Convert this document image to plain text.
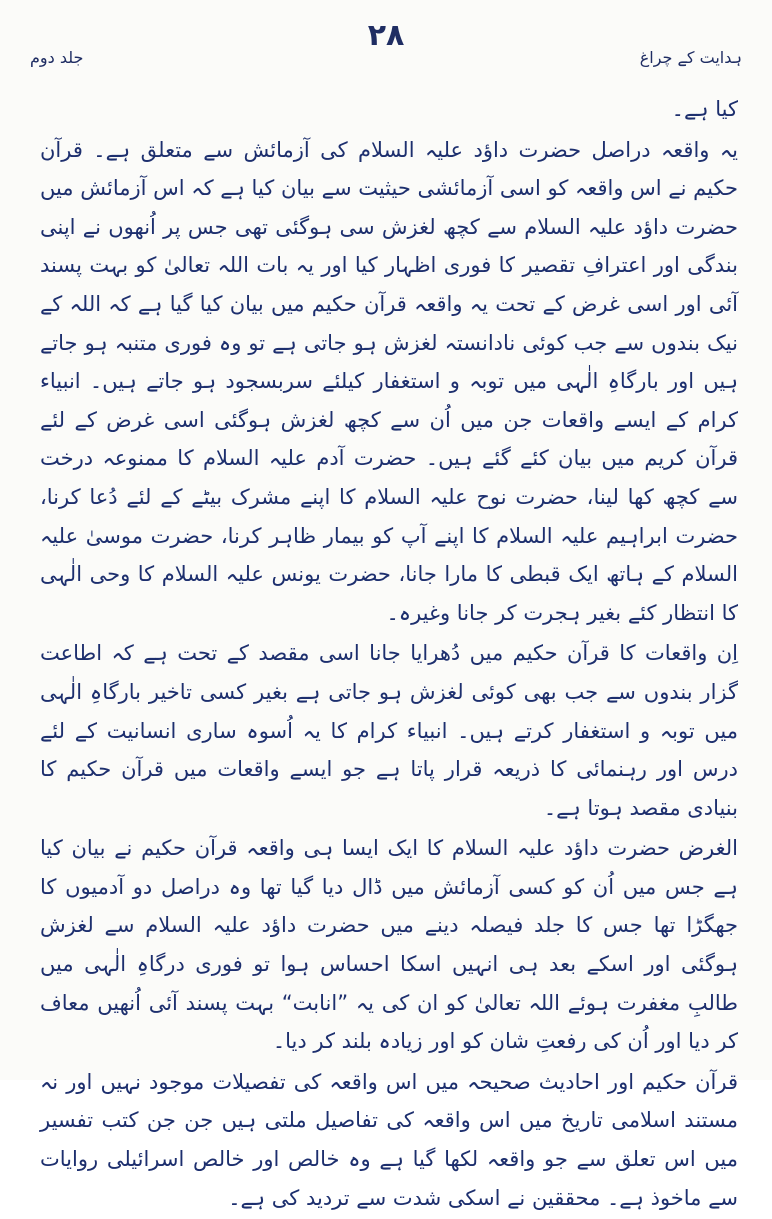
۲۸
جلد دوم	ہدایت کے چراغ

کیا ہے۔

یہ واقعہ دراصل حضرت داؤد علیہ السلام کی آزمائش سے متعلق ہے۔ قرآن حکیم نے اس واقعہ کو اسی آزمائشی حیثیت سے بیان کیا ہے کہ اس آزمائش میں حضرت داؤد علیہ السلام سے کچھ لغزش سی ہوگئی تھی جس پر اُنھوں نے اپنی بندگی اور اعترافِ تقصیر کا فوری اظہار کیا اور یہ بات اللہ تعالیٰ کو بہت پسند آئی اور اسی غرض کے تحت یہ واقعہ قرآن حکیم میں بیان کیا گیا ہے کہ اللہ کے نیک بندوں سے جب کوئی نادانستہ لغزش ہو جاتی ہے تو وہ فوری متنبہ ہو جاتے ہیں اور بارگاہِ الٰہی میں توبہ و استغفار کیلئے سربسجود ہو جاتے ہیں۔ انبیاء کرام کے ایسے واقعات جن میں اُن سے کچھ لغزش ہوگئی اسی غرض کے لئے قرآن کریم میں بیان کئے گئے ہیں۔ حضرت آدم علیہ السلام کا ممنوعہ درخت سے کچھ کھا لینا، حضرت نوح علیہ السلام کا اپنے مشرک بیٹے کے لئے دُعا کرنا، حضرت ابراہیم علیہ السلام کا اپنے آپ کو بیمار ظاہر کرنا، حضرت موسیٰ علیہ السلام کے ہاتھ ایک قبطی کا مارا جانا، حضرت یونس علیہ السلام کا وحی الٰہی کا انتظار کئے بغیر ہجرت کر جانا وغیرہ۔

اِن واقعات کا قرآن حکیم میں دُھرایا جانا اسی مقصد کے تحت ہے کہ اطاعت گزار بندوں سے جب بھی کوئی لغزش ہو جاتی ہے بغیر کسی تاخیر بارگاہِ الٰہی میں توبہ و استغفار کرتے ہیں۔ انبیاء کرام کا یہ اُسوہ ساری انسانیت کے لئے درس اور رہنمائی کا ذریعہ قرار پاتا ہے جو ایسے واقعات میں قرآن حکیم کا بنیادی مقصد ہوتا ہے۔

الغرض حضرت داؤد علیہ السلام کا ایک ایسا ہی واقعہ قرآن حکیم نے بیان کیا ہے جس میں اُن کو کسی آزمائش میں ڈال دیا گیا تھا وہ دراصل دو آدمیوں کا جھگڑا تھا جس کا جلد فیصلہ دینے میں حضرت داؤد علیہ السلام سے لغزش ہوگئی اور اسکے بعد ہی انہیں اسکا احساس ہوا تو فوری درگاہِ الٰہی میں طالبِ مغفرت ہوئے اللہ تعالیٰ کو ان کی یہ ”انابت“ بہت پسند آئی اُنھیں معاف کر دیا اور اُن کی رفعتِ شان کو اور زیادہ بلند کر دیا۔

قرآن حکیم اور احادیث صحیحہ میں اس واقعہ کی تفصیلات موجود نہیں اور نہ مستند اسلامی تاریخ میں اس واقعہ کی تفاصیل ملتی ہیں جن جن کتب تفسیر میں اس تعلق سے جو واقعہ لکھا گیا ہے وہ خالص اور خالص اسرائیلی روایات سے ماخوذ ہے۔ محققین نے اسکی شدت سے تردید کی ہے۔
